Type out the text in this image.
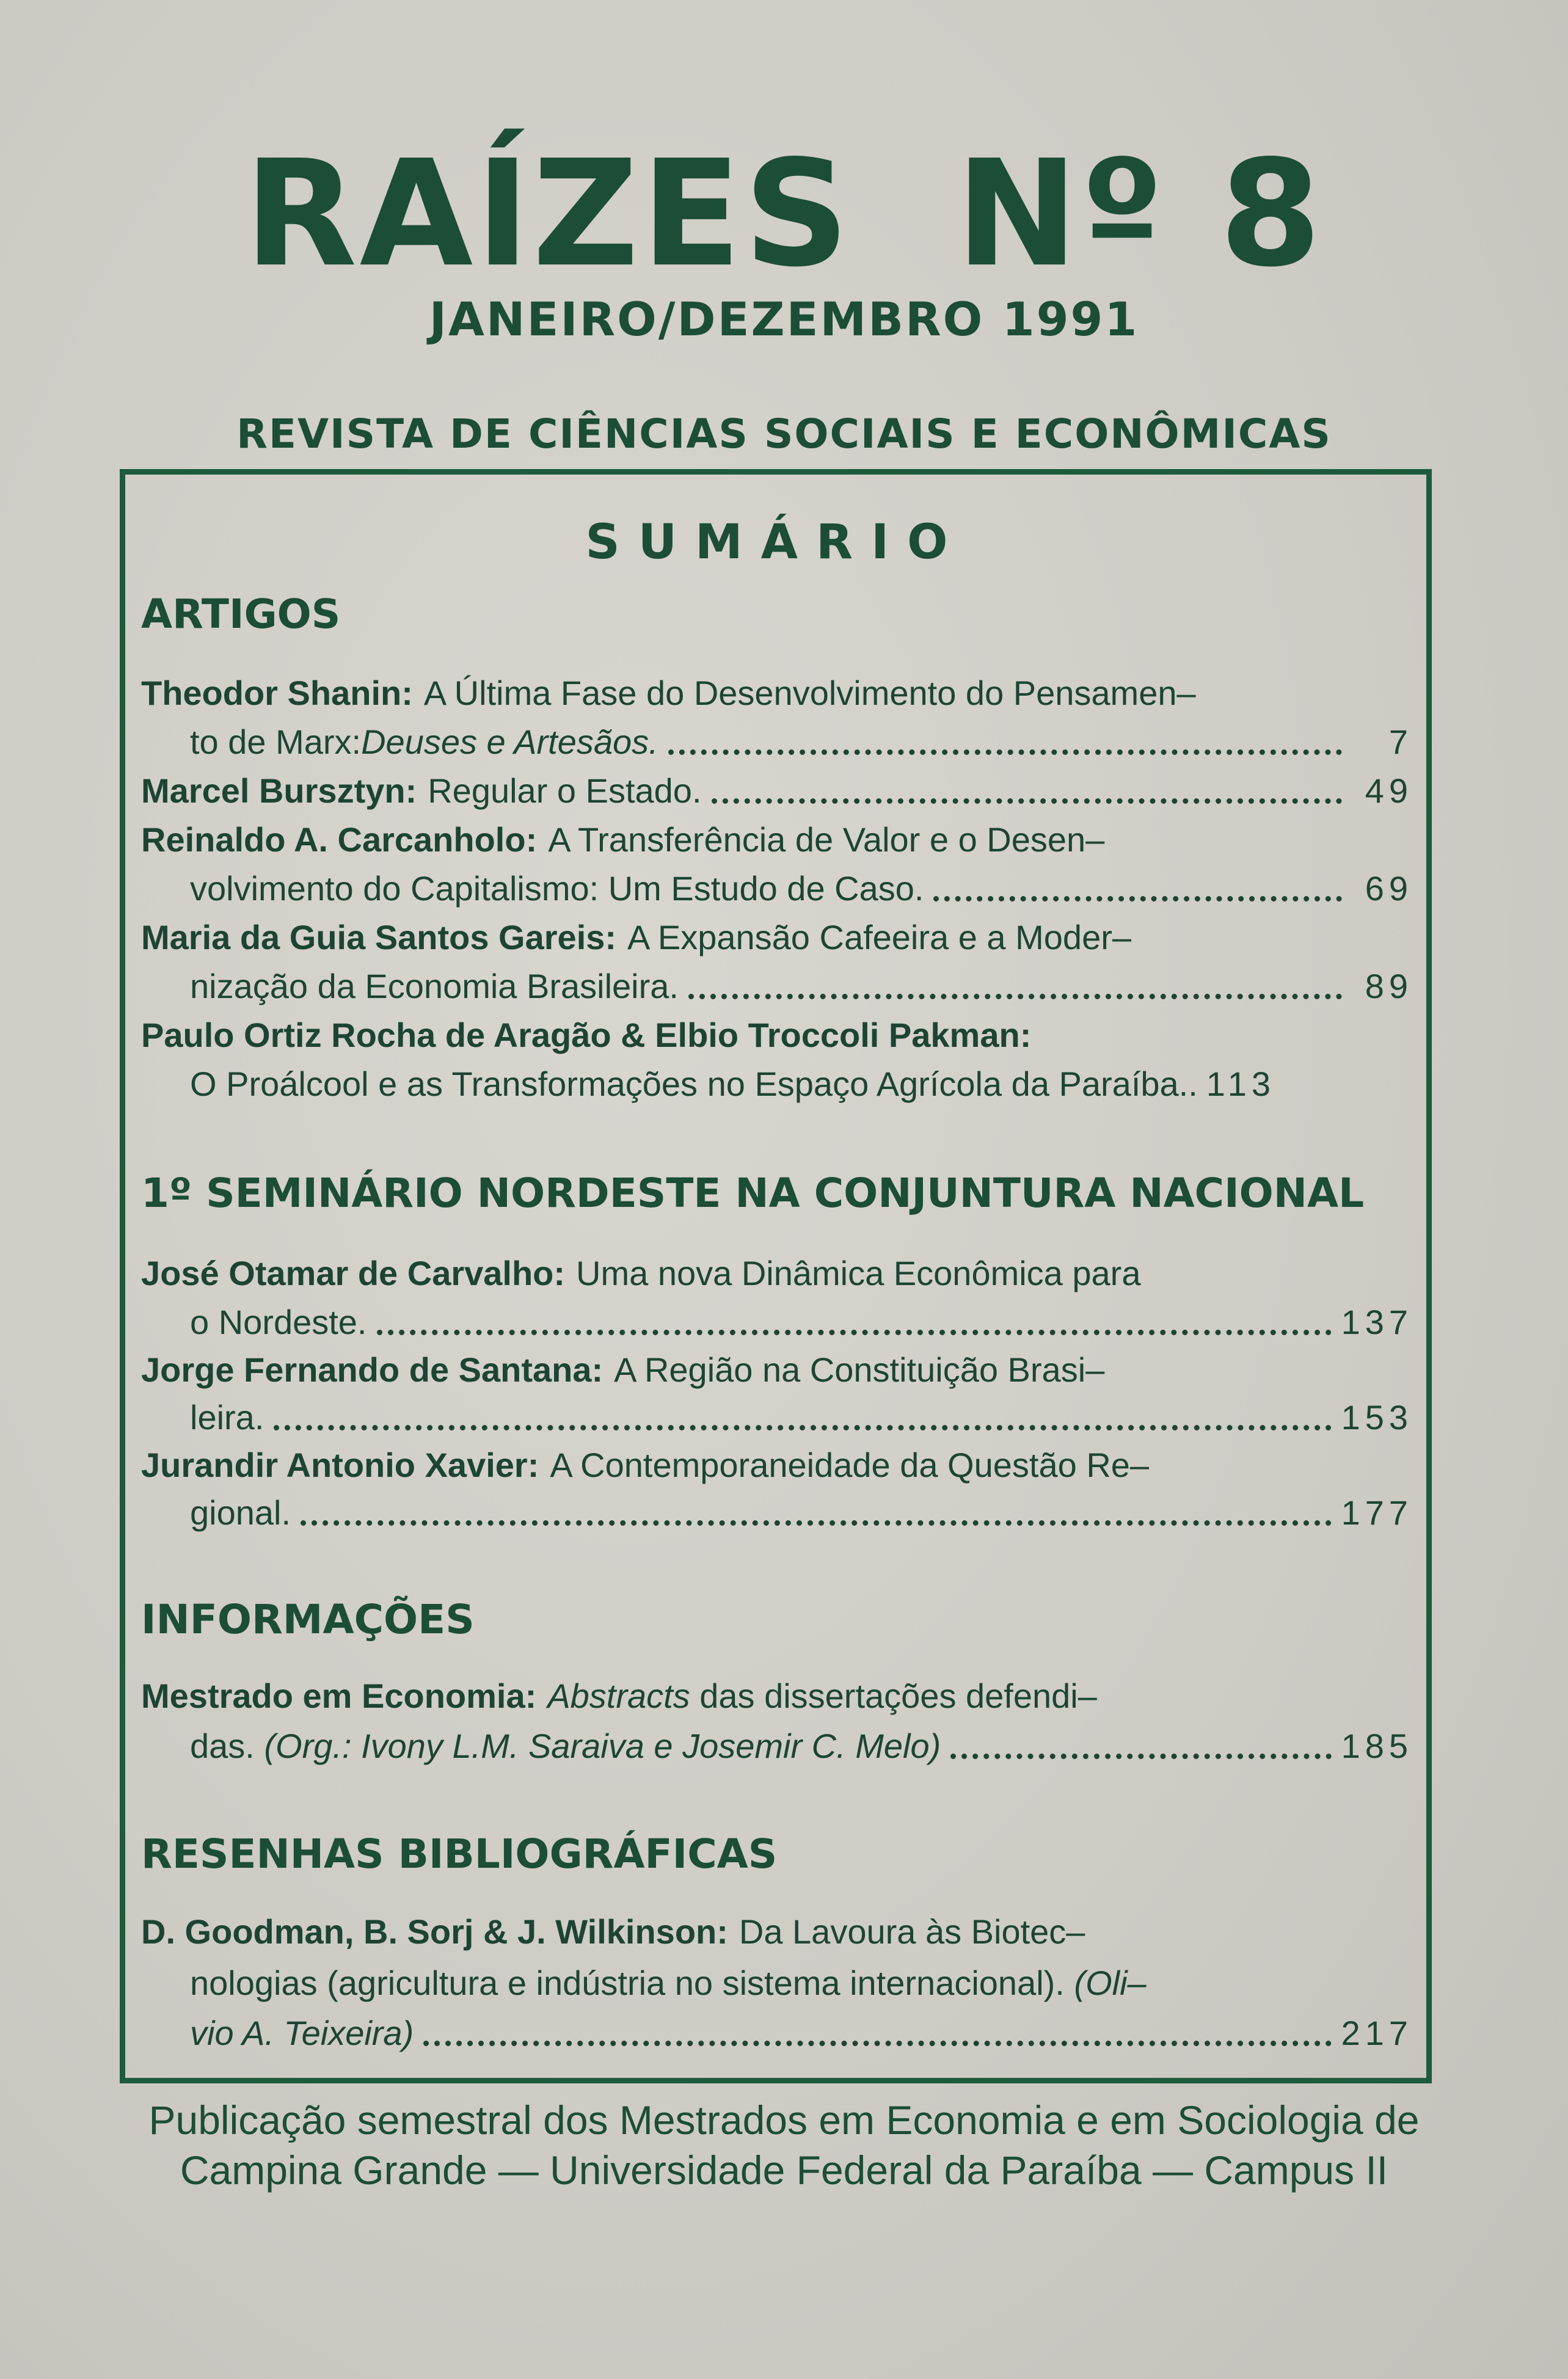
RAÍZES Nº 8
JANEIRO/DEZEMBRO 1991
REVISTA DE CIÊNCIAS SOCIAIS E ECONÔMICAS
SUMÁRIO
ARTIGOS
Theodor Shanin: A Última Fase do Desenvolvimento do Pensamen–
to de Marx: Deuses e Artesãos.	7
Marcel Bursztyn: Regular o Estado.	49
Reinaldo A. Carcanholo: A Transferência de Valor e o Desen–
volvimento do Capitalismo: Um Estudo de Caso.	69
Maria da Guia Santos Gareis: A Expansão Cafeeira e a Moder–
nização da Economia Brasileira.	89
Paulo Ortiz Rocha de Aragão & Elbio Troccoli Pakman:
O Proálcool e as Transformações no Espaço Agrícola da Paraíba.. 113
1º SEMINÁRIO NORDESTE NA CONJUNTURA NACIONAL
José Otamar de Carvalho: Uma nova Dinâmica Econômica para
o Nordeste.	137
Jorge Fernando de Santana: A Região na Constituição Brasi–
leira.	153
Jurandir Antonio Xavier: A Contemporaneidade da Questão Re–
gional.	177
INFORMAÇÕES
Mestrado em Economia: Abstracts das dissertações defendi–
das. (Org.: Ivony L.M. Saraiva e Josemir C. Melo)	185
RESENHAS BIBLIOGRÁFICAS
D. Goodman, B. Sorj & J. Wilkinson: Da Lavoura às Biotec–
nologias (agricultura e indústria no sistema internacional). (Oli–
vio A. Teixeira)	217
Publicação semestral dos Mestrados em Economia e em Sociologia de
Campina Grande — Universidade Federal da Paraíba — Campus II
